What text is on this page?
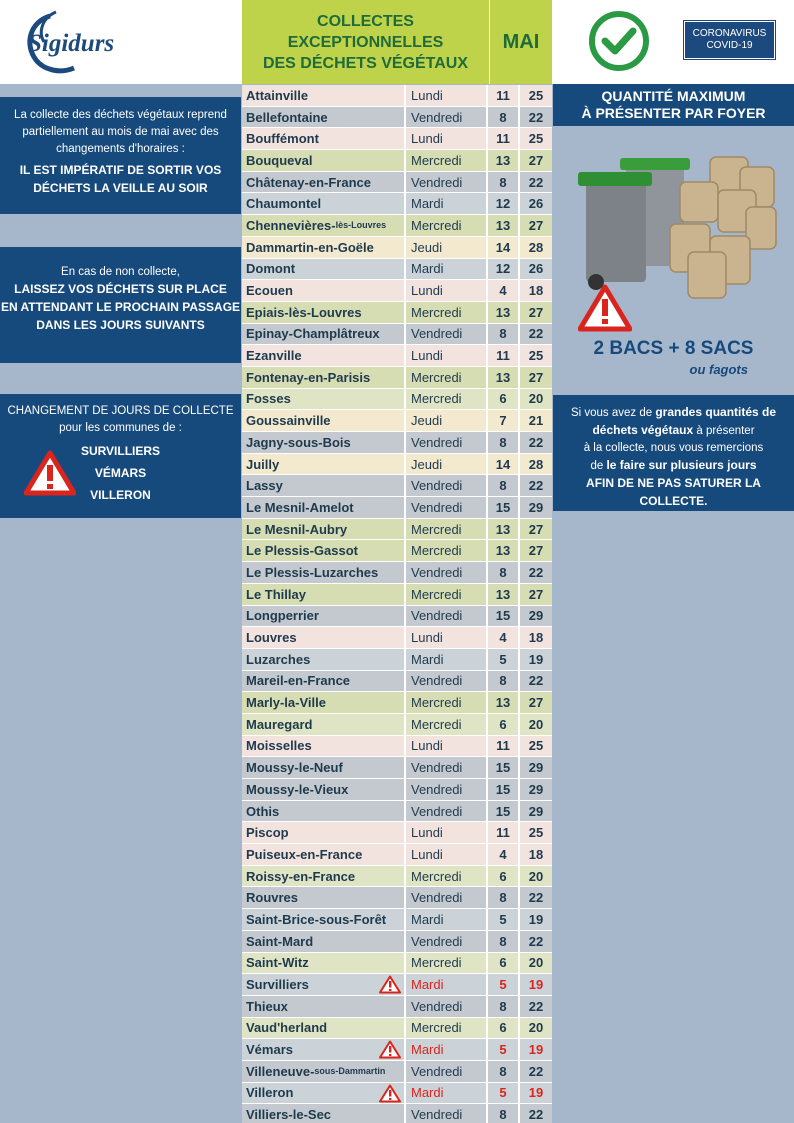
Sigidurs
COLLECTES EXCEPTIONNELLES
DES DÉCHETS VÉGÉTAUX
MAI	CORONAVIRUS
COVID-19
La collecte des déchets végétaux reprend
partiellement au mois de mai avec des
changements d'horaires :
IL EST IMPÉRATIF DE SORTIR VOS
DÉCHETS LA VEILLE AU SOIR
En cas de non collecte,
LAISSEZ VOS DÉCHETS SUR PLACE
EN ATTENDANT LE PROCHAIN PASSAGE
DANS LES JOURS SUIVANTS
CHANGEMENT DE JOURS DE COLLECTE
pour les communes de :
SURVILLIERS
VÉMARS
VILLERON
QUANTITÉ MAXIMUM
À PRÉSENTER PAR FOYER
2 BACS + 8 SACS
ou fagots
Si vous avez de grandes quantités de
déchets végétaux à présenter
à la collecte, nous vous remercions
de le faire sur plusieurs jours
AFIN DE NE PAS SATURER LA COLLECTE.
Attainville	Lundi	11	25
Bellefontaine	Vendredi	8	22
Bouffémont	Lundi	11	25
Bouqueval	Mercredi	13	27
Châtenay-en-France	Vendredi	8	22
Chaumontel	Mardi	12	26
Chennevières- lès-Louvres	Mercredi	13	27
Dammartin-en-Goële	Jeudi	14	28
Domont	Mardi	12	26
Ecouen	Lundi	4	18
Epiais-lès-Louvres	Mercredi	13	27
Epinay-Champlâtreux	Vendredi	8	22
Ezanville	Lundi	11	25
Fontenay-en-Parisis	Mercredi	13	27
Fosses	Mercredi	6	20
Goussainville	Jeudi	7	21
Jagny-sous-Bois	Vendredi	8	22
Juilly	Jeudi	14	28
Lassy	Vendredi	8	22
Le Mesnil-Amelot	Vendredi	15	29
Le Mesnil-Aubry	Mercredi	13	27
Le Plessis-Gassot	Mercredi	13	27
Le Plessis-Luzarches	Vendredi	8	22
Le Thillay	Mercredi	13	27
Longperrier	Vendredi	15	29
Louvres	Lundi	4	18
Luzarches	Mardi	5	19
Mareil-en-France	Vendredi	8	22
Marly-la-Ville	Mercredi	13	27
Mauregard	Mercredi	6	20
Moisselles	Lundi	11	25
Moussy-le-Neuf	Vendredi	15	29
Moussy-le-Vieux	Vendredi	15	29
Othis	Vendredi	15	29
Piscop	Lundi	11	25
Puiseux-en-France	Lundi	4	18
Roissy-en-France	Mercredi	6	20
Rouvres	Vendredi	8	22
Saint-Brice-sous-Forêt	Mardi	5	19
Saint-Mard	Vendredi	8	22
Saint-Witz	Mercredi	6	20
Survilliers	Mardi	5	19
Thieux	Vendredi	8	22
Vaud'herland	Mercredi	6	20
Vémars	Mardi	5	19
Villeneuve- sous-Dammartin	Vendredi	8	22
Villeron	Mardi	5	19
Villiers-le-Sec	Vendredi	8	22
